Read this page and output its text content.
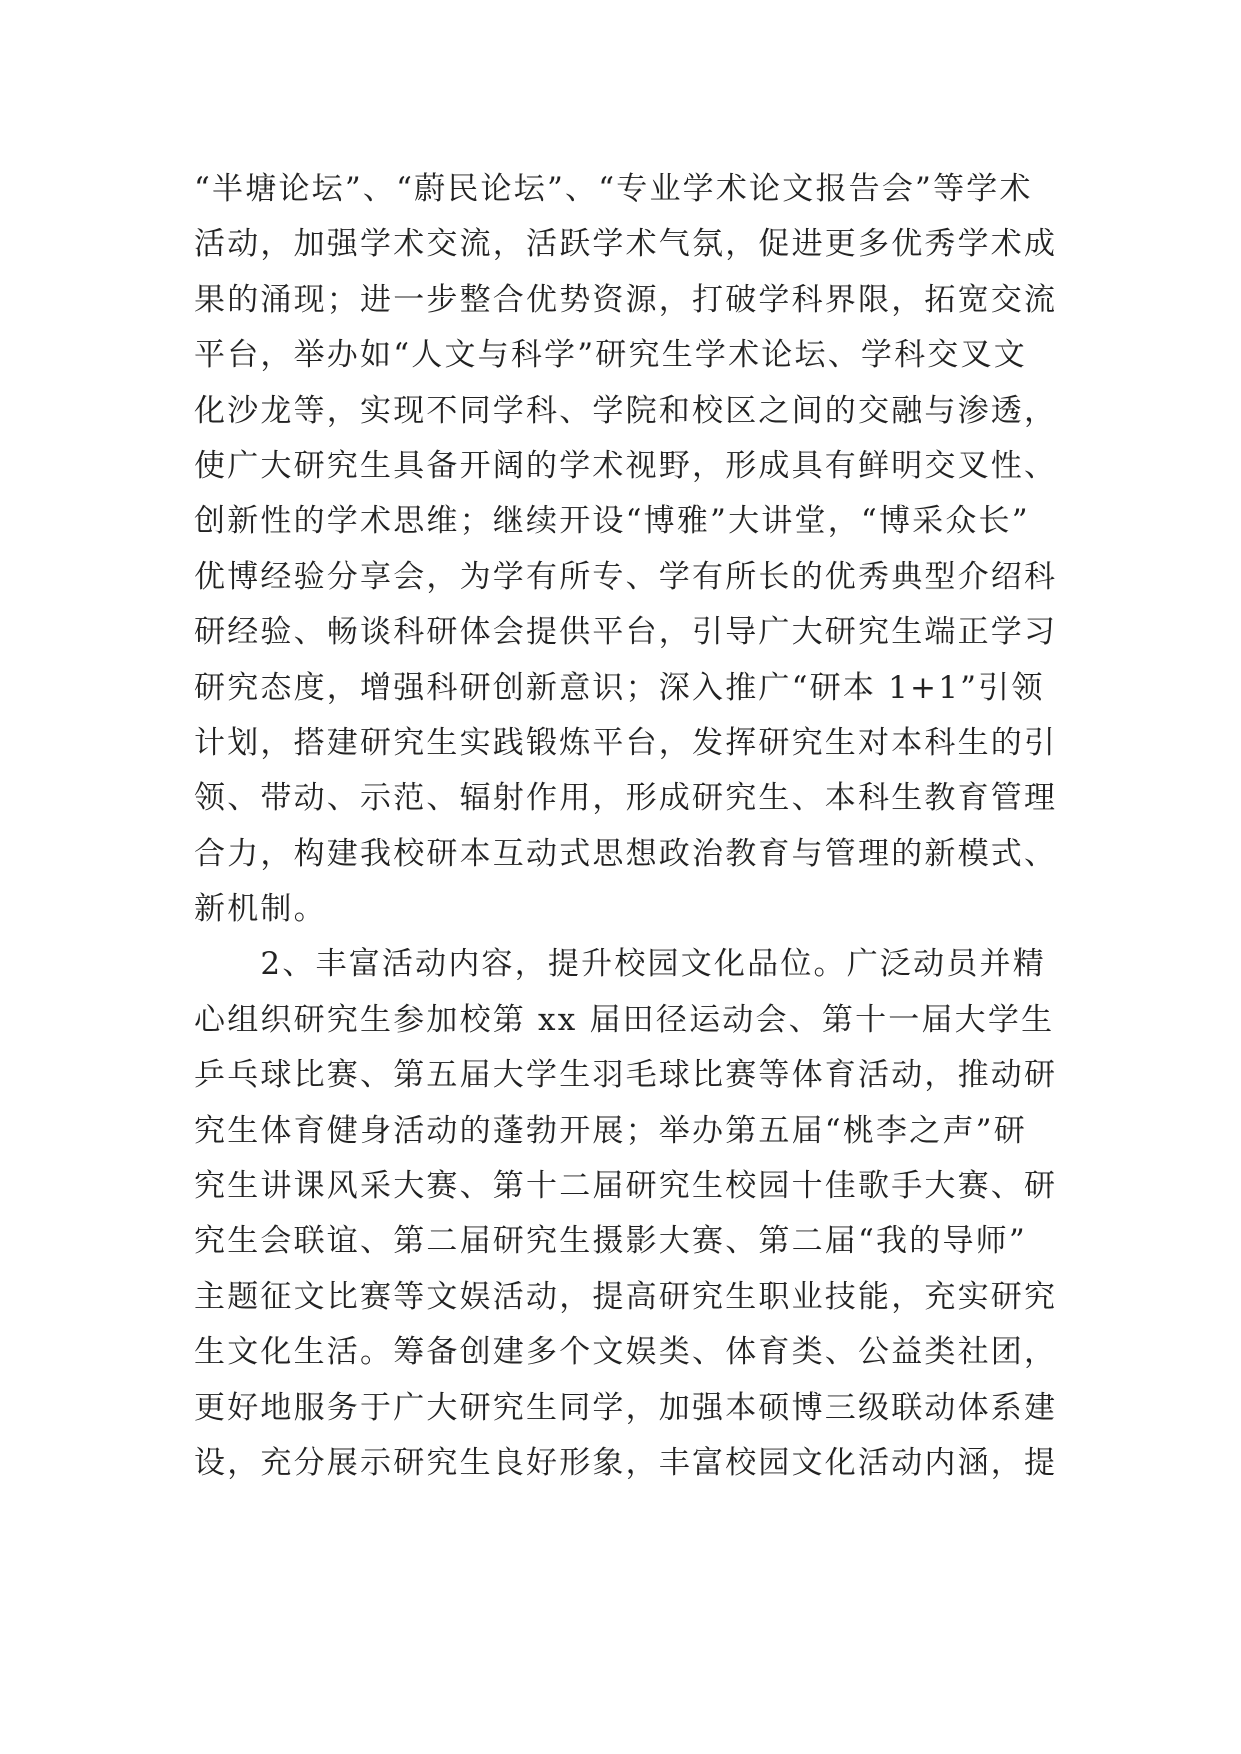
“半塘论坛”、“蔚民论坛”、“专业学术论文报告会”等学术
活动，加强学术交流，活跃学术气氛，促进更多优秀学术成
果的涌现；进一步整合优势资源，打破学科界限，拓宽交流
平台，举办如“人文与科学”研究生学术论坛、学科交叉文
化沙龙等，实现不同学科、学院和校区之间的交融与渗透，
使广大研究生具备开阔的学术视野，形成具有鲜明交叉性、
创新性的学术思维；继续开设“博雅”大讲堂，“博采众长”
优博经验分享会，为学有所专、学有所长的优秀典型介绍科
研经验、畅谈科研体会提供平台，引导广大研究生端正学习
研究态度，增强科研创新意识；深入推广“研本 1+1”引领
计划，搭建研究生实践锻炼平台，发挥研究生对本科生的引
领、带动、示范、辐射作用，形成研究生、本科生教育管理
合力，构建我校研本互动式思想政治教育与管理的新模式、
新机制。
　　2、丰富活动内容，提升校园文化品位。广泛动员并精
心组织研究生参加校第 xx 届田径运动会、第十一届大学生
乒乓球比赛、第五届大学生羽毛球比赛等体育活动，推动研
究生体育健身活动的蓬勃开展；举办第五届“桃李之声”研
究生讲课风采大赛、第十二届研究生校园十佳歌手大赛、研
究生会联谊、第二届研究生摄影大赛、第二届“我的导师”
主题征文比赛等文娱活动，提高研究生职业技能，充实研究
生文化生活。筹备创建多个文娱类、体育类、公益类社团，
更好地服务于广大研究生同学，加强本硕博三级联动体系建
设，充分展示研究生良好形象，丰富校园文化活动内涵，提
